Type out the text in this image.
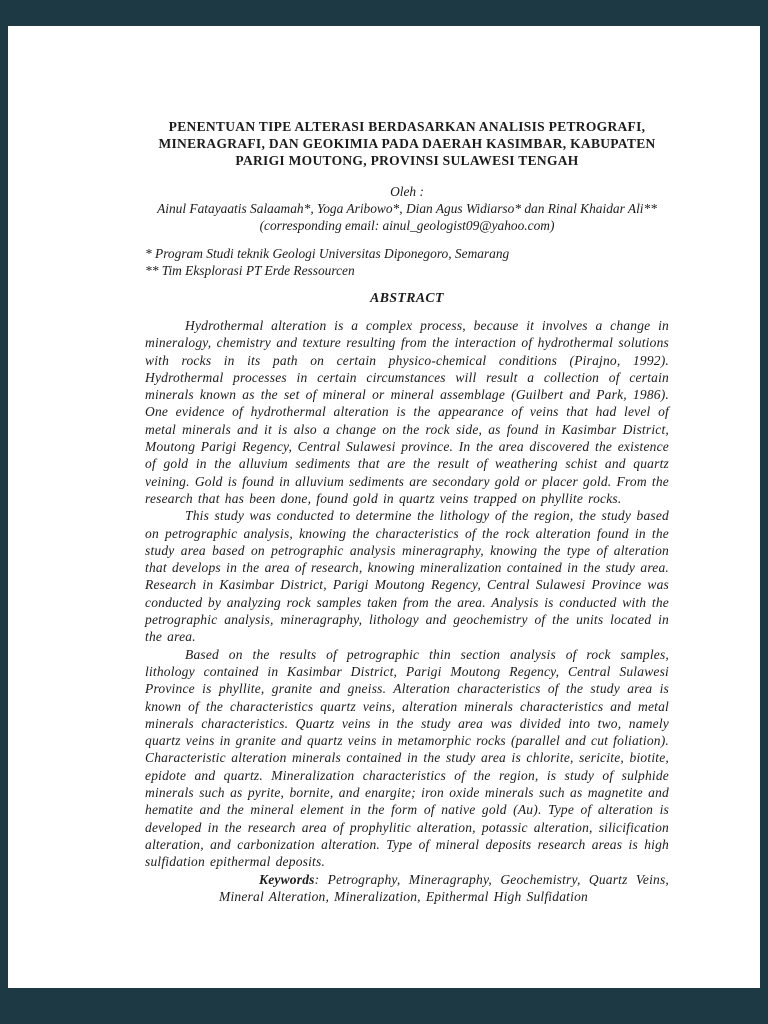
PENENTUAN TIPE ALTERASI BERDASARKAN ANALISIS PETROGRAFI, MINERAGRAFI, DAN GEOKIMIA PADA DAERAH KASIMBAR, KABUPATEN PARIGI MOUTONG, PROVINSI SULAWESI TENGAH
Oleh :
Ainul Fatayaatis Salaamah*, Yoga Aribowo*, Dian Agus Widiarso* dan Rinal Khaidar Ali**
(corresponding email: ainul_geologist09@yahoo.com)
* Program Studi teknik Geologi Universitas Diponegoro, Semarang
** Tim Eksplorasi PT Erde Ressourcen
ABSTRACT

Hydrothermal alteration is a complex process, because it involves a change in mineralogy, chemistry and texture resulting from the interaction of hydrothermal solutions with rocks in its path on certain physico-chemical conditions (Pirajno, 1992). Hydrothermal processes in certain circumstances will result a collection of certain minerals known as the set of mineral or mineral assemblage (Guilbert and Park, 1986). One evidence of hydrothermal alteration is the appearance of veins that had level of metal minerals and it is also a change on the rock side, as found in Kasimbar District, Moutong Parigi Regency, Central Sulawesi province. In the area discovered the existence of gold in the alluvium sediments that are the result of weathering schist and quartz veining. Gold is found in alluvium sediments are secondary gold or placer gold. From the research that has been done, found gold in quartz veins trapped on phyllite rocks.

This study was conducted to determine the lithology of the region, the study based on petrographic analysis, knowing the characteristics of the rock alteration found in the study area based on petrographic analysis mineragraphy, knowing the type of alteration that develops in the area of research, knowing mineralization contained in the study area. Research in Kasimbar District, Parigi Moutong Regency, Central Sulawesi Province was conducted by analyzing rock samples taken from the area. Analysis is conducted with the petrographic analysis, mineragraphy, lithology and geochemistry of the units located in the area.

Based on the results of petrographic thin section analysis of rock samples, lithology contained in Kasimbar District, Parigi Moutong Regency, Central Sulawesi Province is phyllite, granite and gneiss. Alteration characteristics of the study area is known of the characteristics quartz veins, alteration minerals characteristics and metal minerals characteristics. Quartz veins in the study area was divided into two, namely quartz veins in granite and quartz veins in metamorphic rocks (parallel and cut foliation). Characteristic alteration minerals contained in the study area is chlorite, sericite, biotite, epidote and quartz. Mineralization characteristics of the region, is study of sulphide minerals such as pyrite, bornite, and enargite; iron oxide minerals such as magnetite and hematite and the mineral element in the form of native gold (Au). Type of alteration is developed in the research area of prophylitic alteration, potassic alteration, silicification alteration, and carbonization alteration. Type of mineral deposits research areas is high sulfidation epithermal deposits.

Keywords: Petrography, Mineragraphy, Geochemistry, Quartz Veins, Mineral Alteration, Mineralization, Epithermal High Sulfidation
